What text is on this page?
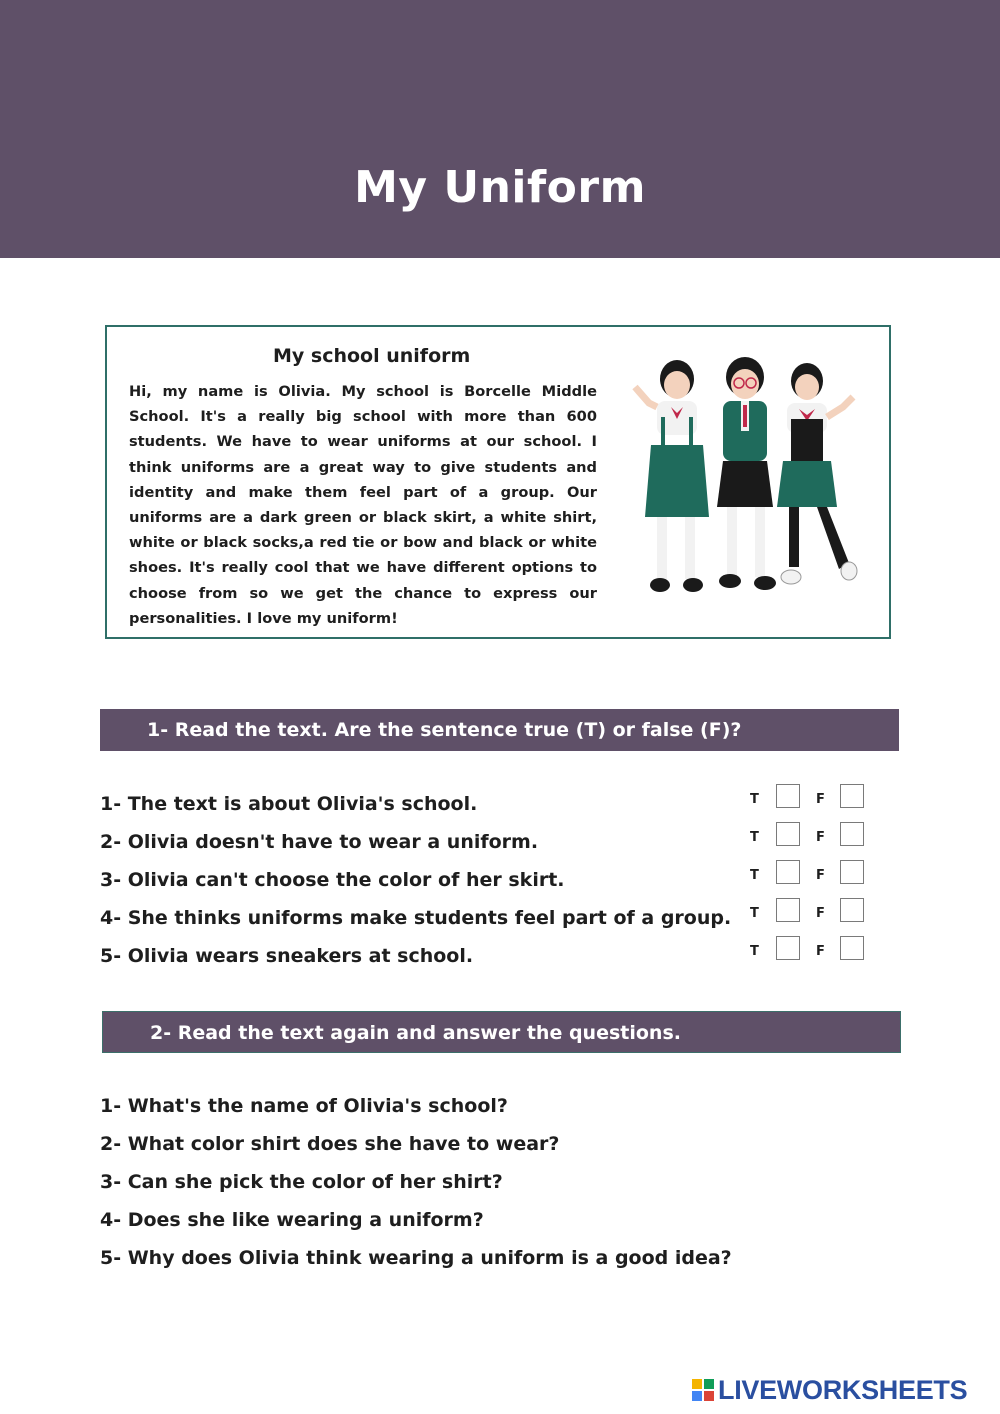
My Uniform
My school uniform
Hi, my name is Olivia. My school is Borcelle Middle School. It's a really big school with more than 600 students. We have to wear uniforms at our school. I think uniforms are a great way to give students and identity and make them feel part of a group. Our uniforms are a dark green or black skirt, a white shirt, white or black socks,a red tie or bow and black or white shoes. It's really cool that we have different options to choose from so we get the chance to express our personalities. I love my uniform!
1- Read the text. Are the sentence true (T) or false (F)?
1- The text is about Olivia's school.	T	F
2- Olivia doesn't have to wear a uniform.	T	F
3- Olivia can't choose the color of her skirt.	T	F
4- She thinks uniforms make students feel part of a group. T	F
5- Olivia wears sneakers at school.	T	F
2- Read the text again and answer the questions.
1- What's the name of Olivia's school?
2- What color shirt does she have to wear?
3- Can she pick the color of her shirt?
4- Does she like wearing a uniform?
5- Why does Olivia think wearing a uniform is a good idea?
LIVEWORKSHEETS
